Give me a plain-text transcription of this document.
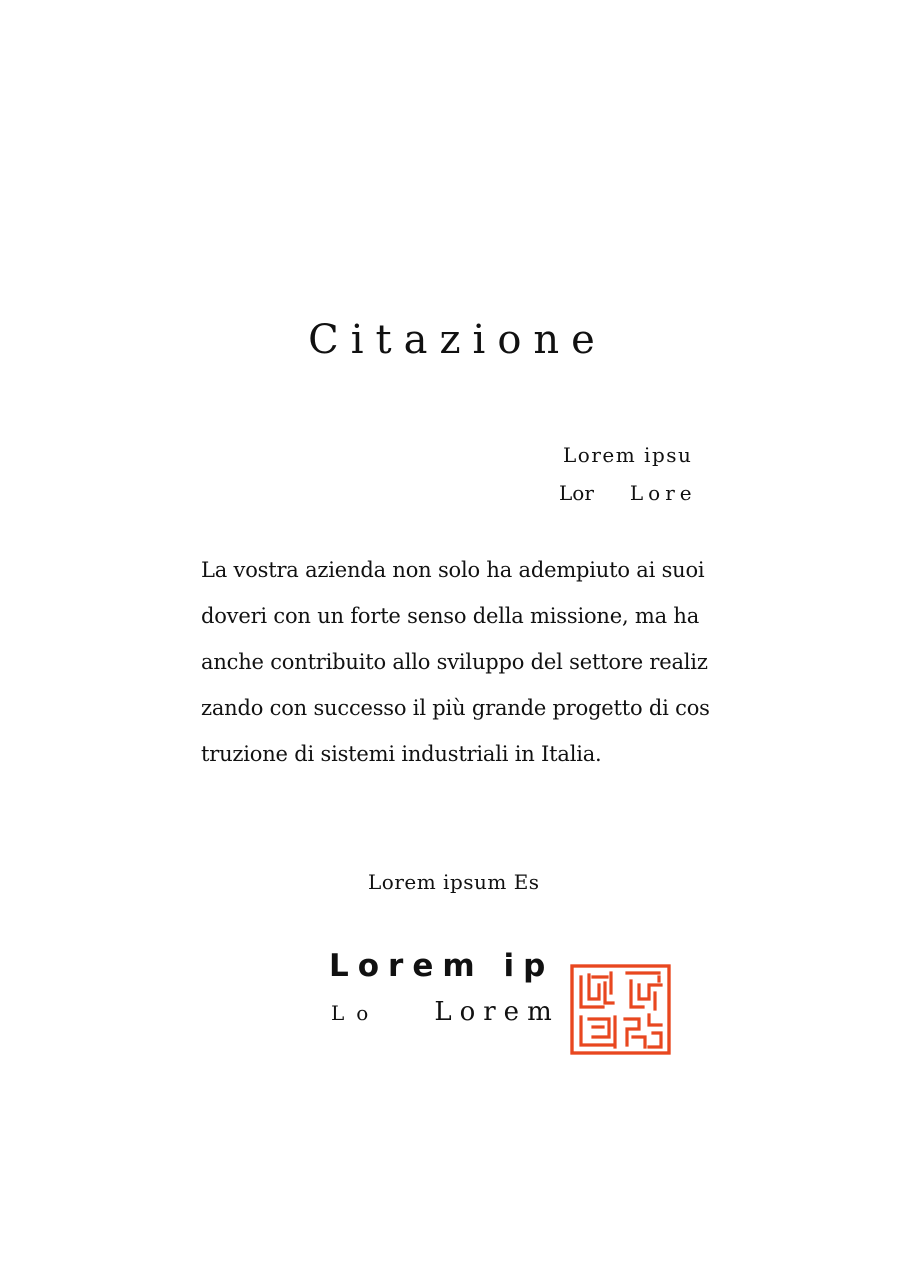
Citazione
Lorem ipsu
Lor Lore
La vostra azienda non solo ha adempiuto ai suoi doveri con un forte senso della missione, ma ha anche contribuito allo sviluppo del settore realizzando con successo il più grande progetto di costruzione di sistemi industriali in Italia.
Lorem ipsum Es
Lorem ip
Lo Lorem
